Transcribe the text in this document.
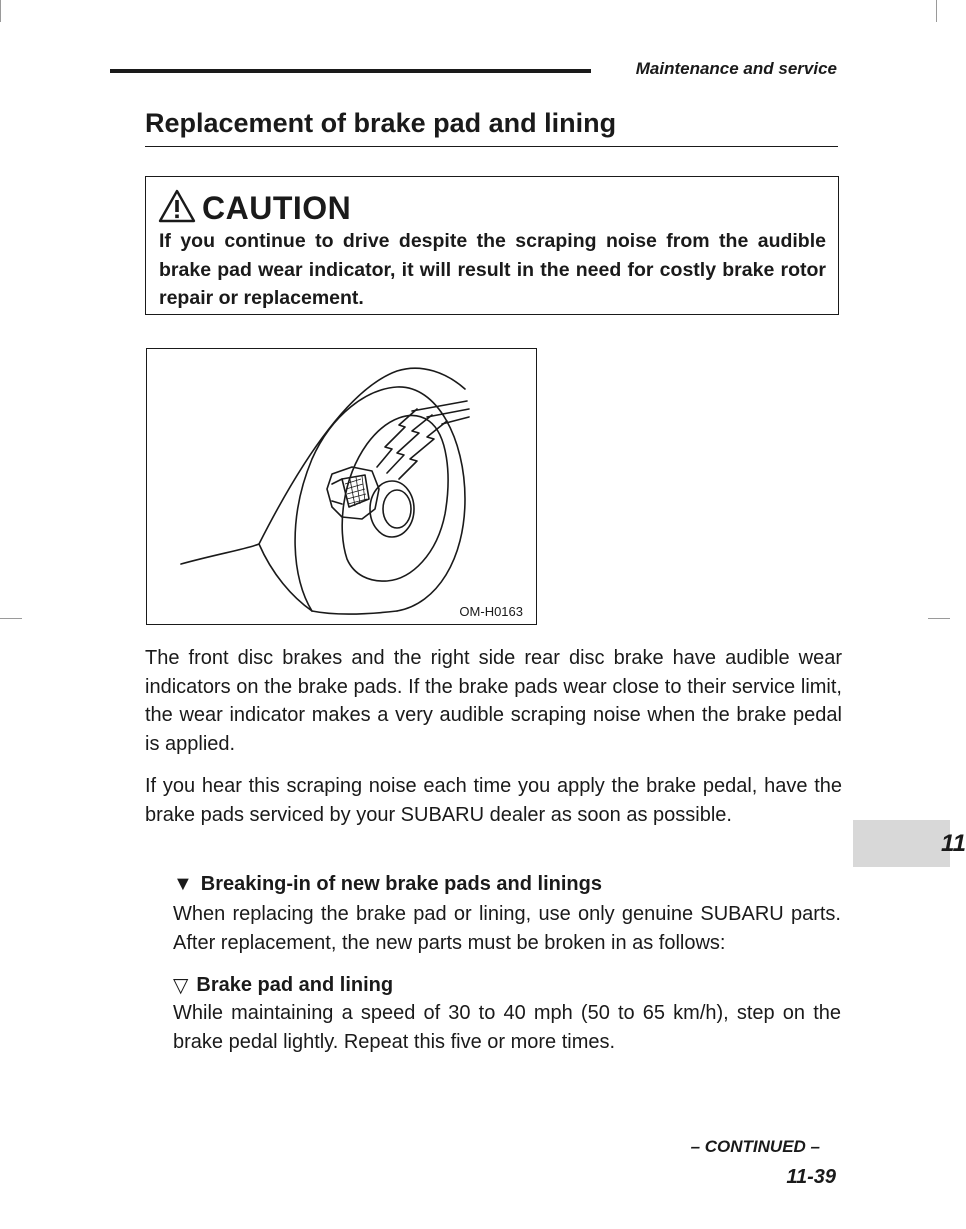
Maintenance and service
Replacement of brake pad and lining
CAUTION
If you continue to drive despite the scraping noise from the audible brake pad wear indicator, it will result in the need for costly brake rotor repair or replacement.
OM-H0163

The front disc brakes and the right side rear disc brake have audible wear indicators on the brake pads. If the brake pads wear close to their service limit, the wear indicator makes a very audible scraping noise when the brake pedal is applied.

If you hear this scraping noise each time you apply the brake pedal, have the brake pads serviced by your SUBARU dealer as soon as possible.

▼ Breaking-in of new brake pads and linings

When replacing the brake pad or lining, use only genuine SUBARU parts. After replacement, the new parts must be broken in as follows:

▽ Brake pad and lining

While maintaining a speed of 30 to 40 mph (50 to 65 km/h), step on the brake pedal lightly. Repeat this five or more times.

11
– CONTINUED –
11-39
